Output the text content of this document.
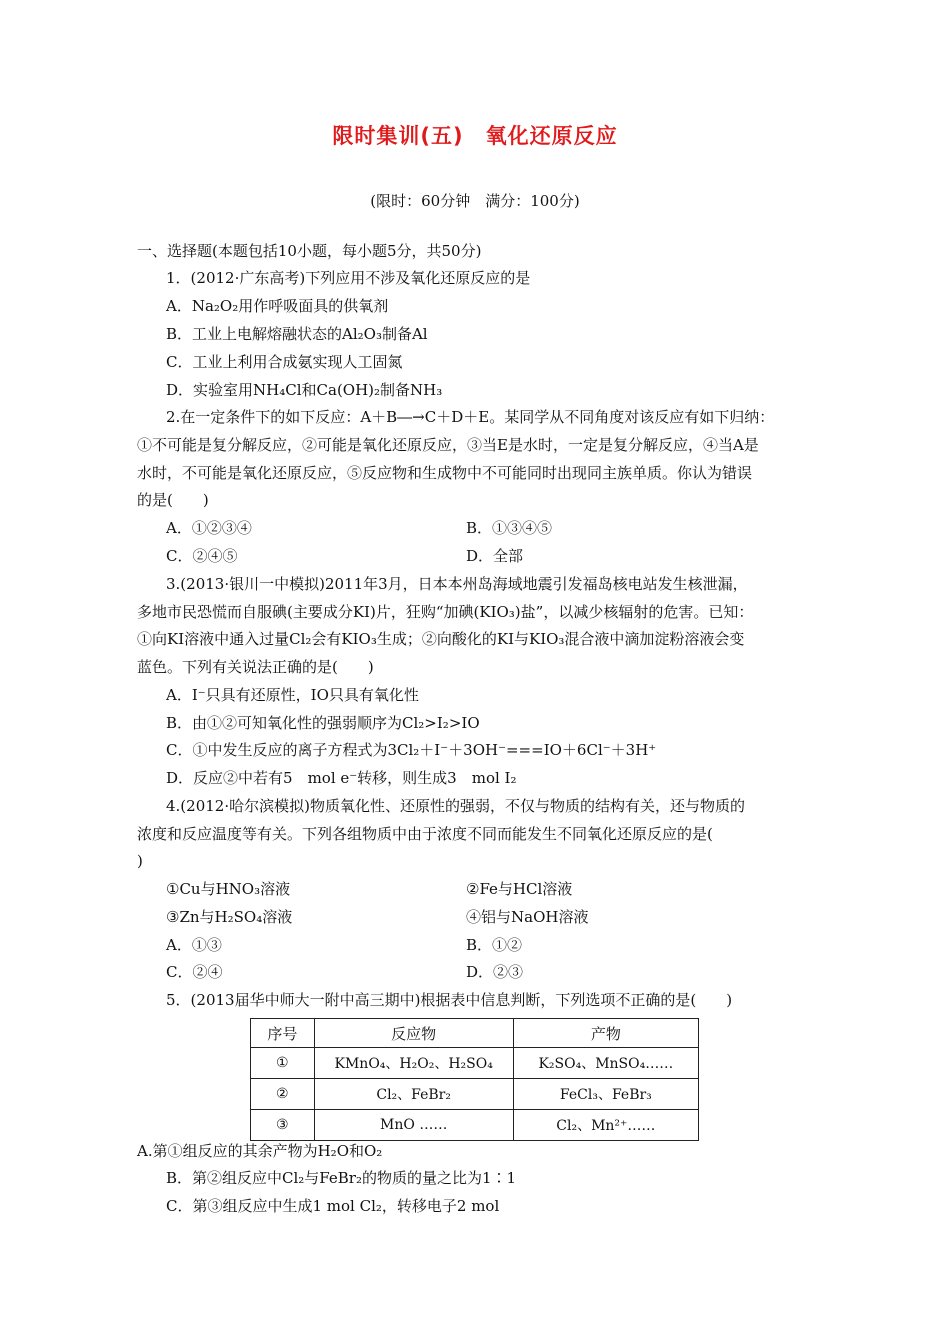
限时集训(五) 氧化还原反应
(限时：60分钟　满分：100分)
一、选择题(本题包括10小题，每小题5分，共50分)
1．(2012·广东高考)下列应用不涉及氧化还原反应的是
A．Na₂O₂用作呼吸面具的供氧剂
B．工业上电解熔融状态的Al₂O₃制备Al
C．工业上利用合成氨实现人工固氮
D．实验室用NH₄Cl和Ca(OH)₂制备NH₃
2.在一定条件下的如下反应：A＋B―→C＋D＋E。某同学从不同角度对该反应有如下归纳：
①不可能是复分解反应，②可能是氧化还原反应，③当E是水时，一定是复分解反应，④当A是
水时，不可能是氧化还原反应，⑤反应物和生成物中不可能同时出现同主族单质。你认为错误
的是(　　)
A．①②③④	B．①③④⑤
C．②④⑤	D．全部
3.(2013·银川一中模拟)2011年3月，日本本州岛海域地震引发福岛核电站发生核泄漏，
多地市民恐慌而自服碘(主要成分KI)片，狂购“加碘(KIO₃)盐”，以减少核辐射的危害。已知：
①向KI溶液中通入过量Cl₂会有KIO₃生成；②向酸化的KI与KIO₃混合液中滴加淀粉溶液会变
蓝色。下列有关说法正确的是(　　)
A．I⁻只具有还原性，IO只具有氧化性
B．由①②可知氧化性的强弱顺序为Cl₂>I₂>IO
C．①中发生反应的离子方程式为3Cl₂＋I⁻＋3OH⁻===IO＋6Cl⁻＋3H⁺
D．反应②中若有5　mol e⁻转移，则生成3　mol I₂
4.(2012·哈尔滨模拟)物质氧化性、还原性的强弱，不仅与物质的结构有关，还与物质的
浓度和反应温度等有关。下列各组物质中由于浓度不同而能发生不同氧化还原反应的是(
)
①Cu与HNO₃溶液	②Fe与HCl溶液
③Zn与H₂SO₄溶液	④铝与NaOH溶液
A．①③	B．①②
C．②④	D．②③
5．(2013届华中师大一附中高三期中)根据表中信息判断，下列选项不正确的是(　　)
序号	反应物	产物
①	KMnO₄、H₂O₂、H₂SO₄	K₂SO₄、MnSO₄……
②	Cl₂、FeBr₂	FeCl₃、FeBr₃
③	MnO ……	Cl₂、Mn²⁺……
A.第①组反应的其余产物为H₂O和O₂
B．第②组反应中Cl₂与FeBr₂的物质的量之比为1∶1
C．第③组反应中生成1 mol Cl₂，转移电子2 mol
